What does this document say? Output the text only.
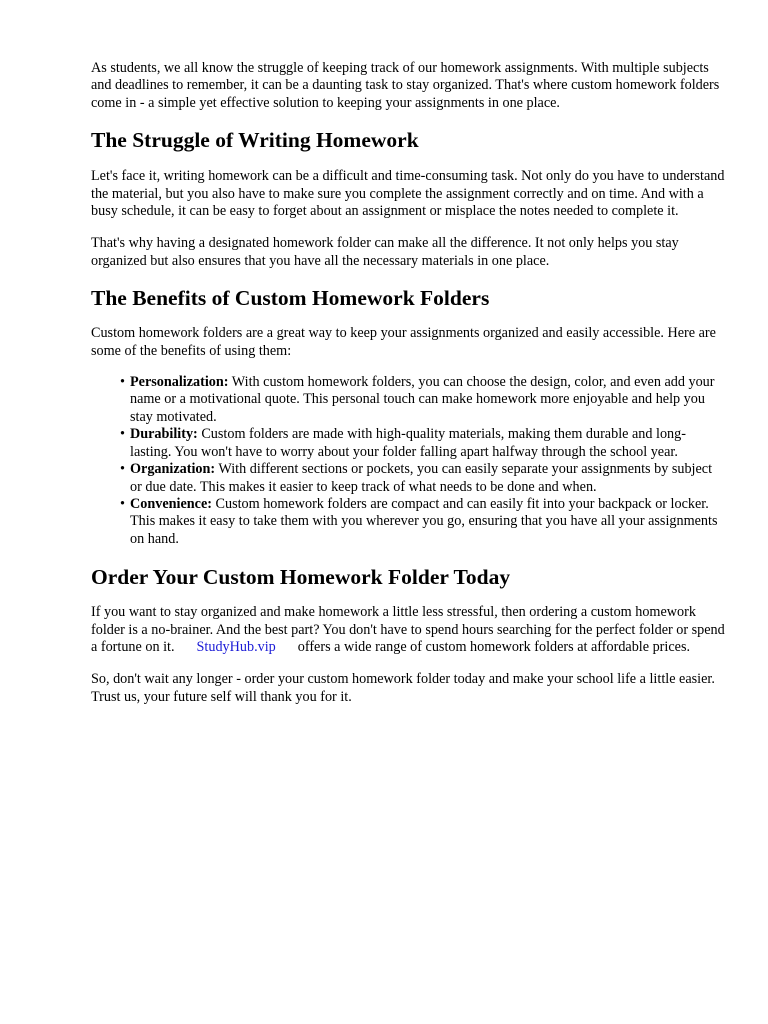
As students, we all know the struggle of keeping track of our homework assignments. With multiple subjects and deadlines to remember, it can be a daunting task to stay organized. That's where custom homework folders come in - a simple yet effective solution to keeping your assignments in one place.

The Struggle of Writing Homework

Let's face it, writing homework can be a difficult and time-consuming task. Not only do you have to understand the material, but you also have to make sure you complete the assignment correctly and on time. And with a busy schedule, it can be easy to forget about an assignment or misplace the notes needed to complete it.

That's why having a designated homework folder can make all the difference. It not only helps you stay organized but also ensures that you have all the necessary materials in one place.

The Benefits of Custom Homework Folders

Custom homework folders are a great way to keep your assignments organized and easily accessible. Here are some of the benefits of using them:

• Personalization: With custom homework folders, you can choose the design, color, and even add your name or a motivational quote. This personal touch can make homework more enjoyable and help you stay motivated.
• Durability: Custom folders are made with high-quality materials, making them durable and long-lasting. You won't have to worry about your folder falling apart halfway through the school year.
• Organization: With different sections or pockets, you can easily separate your assignments by subject or due date. This makes it easier to keep track of what needs to be done and when.
• Convenience: Custom homework folders are compact and can easily fit into your backpack or locker. This makes it easy to take them with you wherever you go, ensuring that you have all your assignments on hand.
Order Your Custom Homework Folder Today

If you want to stay organized and make homework a little less stressful, then ordering a custom homework folder is a no-brainer. And the best part? You don't have to spend hours searching for the perfect folder or spend a fortune on it. StudyHub.vip offers a wide range of custom homework folders at affordable prices.

So, don't wait any longer - order your custom homework folder today and make your school life a little easier. Trust us, your future self will thank you for it.
